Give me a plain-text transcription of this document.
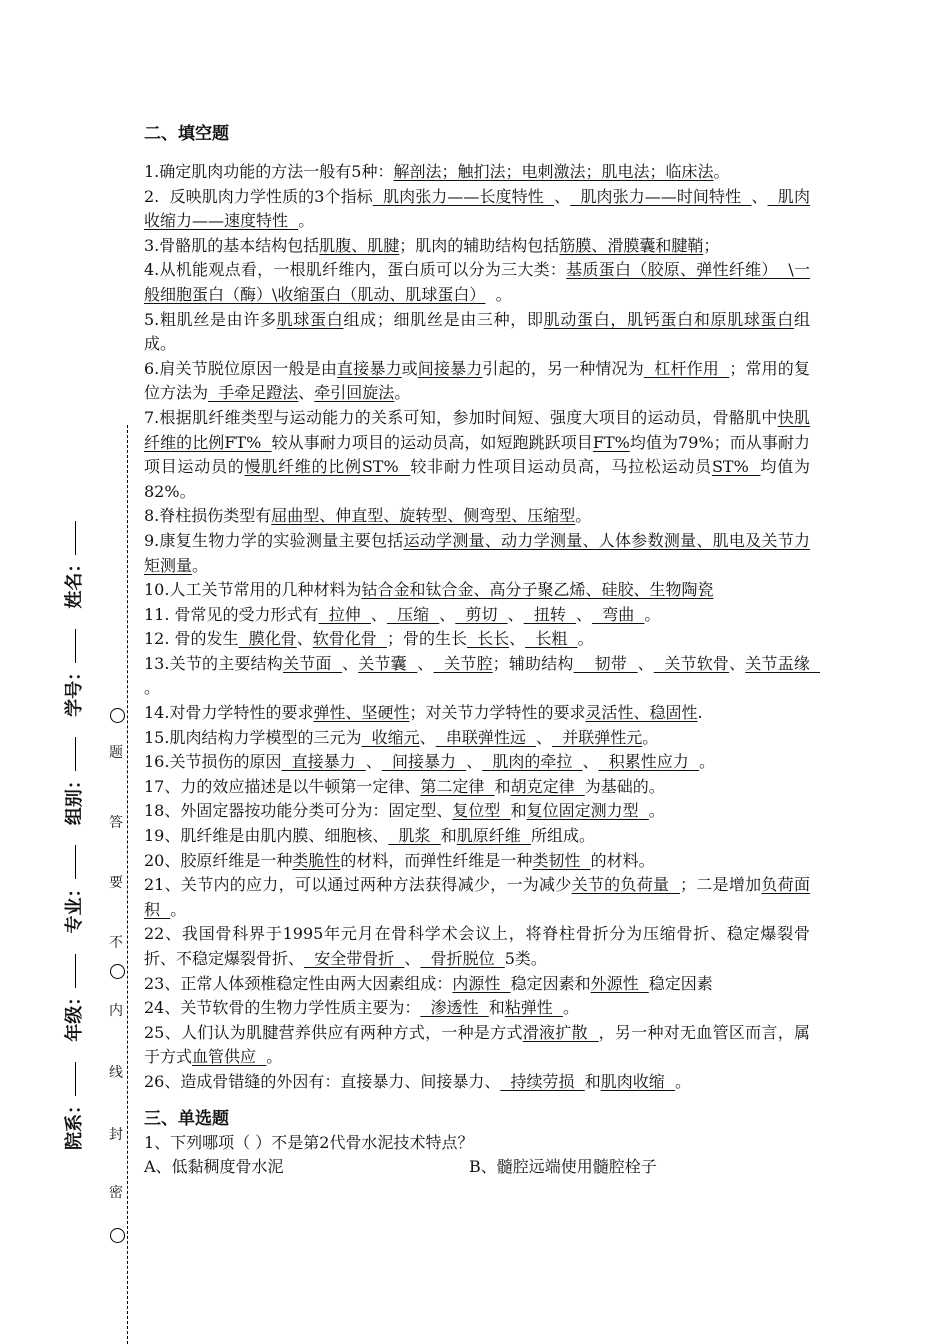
院系： 年级： 专业： 组别： 学号： 姓名：
题
答
要
不
内
线
封
密
二、填空题
1.确定肌肉功能的方法一般有5种：解剖法；触扪法；电刺激法；肌电法；临床法。
2.  反映肌肉力学性质的3个指标  肌肉张力——长度特性  、  肌肉张力——时间特性  、  肌肉收缩力——速度特性  。
3.骨骼肌的基本结构包括肌腹、肌腱；肌肉的辅助结构包括筋膜、滑膜囊和腱鞘；
4.从机能观点看，一根肌纤维内，蛋白质可以分为三大类：基质蛋白（胶原、弹性纤维）  \一般细胞蛋白（酶）\收缩蛋白（肌动、肌球蛋白）  。
5.粗肌丝是由许多肌球蛋白组成；细肌丝是由三种，即肌动蛋白，肌钙蛋白和原肌球蛋白组成。
6.肩关节脱位原因一般是由直接暴力或间接暴力引起的，另一种情况为  杠杆作用  ；常用的复位方法为  手牵足蹬法、牵引回旋法。
7.根据肌纤维类型与运动能力的关系可知，参加时间短、强度大项目的运动员，骨骼肌中快肌纤维的比例FT%  较从事耐力项目的运动员高，如短跑跳跃项目FT%均值为79%；而从事耐力项目运动员的慢肌纤维的比例ST%  较非耐力性项目运动员高，马拉松运动员ST%  均值为82%。
8.脊柱损伤类型有屈曲型、伸直型、旋转型、侧弯型、压缩型。
9.康复生物力学的实验测量主要包括运动学测量、动力学测量、人体参数测量、肌电及关节力矩测量。
10.人工关节常用的几种材料为钴合金和钛合金、高分子聚乙烯、硅胶、生物陶瓷
11. 骨常见的受力形式有  拉伸  、  压缩  、  剪切  、  扭转  、  弯曲  。
12. 骨的发生  膜化骨、软骨化骨  ；骨的生长  长长、  长粗  。
13.关节的主要结构关节面  、关节囊  、  关节腔；辅助结构    韧带  、  关节软骨、关节盂缘  。
14.对骨力学特性的要求弹性、坚硬性；对关节力学特性的要求灵活性、稳固性.
15.肌肉结构力学模型的三元为  收缩元、  串联弹性远  、  并联弹性元。
16.关节损伤的原因  直接暴力  、  间接暴力  、  肌肉的牵拉  、  积累性应力  。
17、力的效应描述是以牛顿第一定律、第二定律  和胡克定律  为基础的。
18、外固定器按功能分类可分为：固定型、复位型  和复位固定测力型  。
19、肌纤维是由肌内膜、细胞核、  肌浆  和肌原纤维  所组成。
20、胶原纤维是一种类脆性的材料，而弹性纤维是一种类韧性  的材料。
21、关节内的应力，可以通过两种方法获得减少，一为减少关节的负荷量  ；二是增加负荷面积  。
22、我国骨科界于1995年元月在骨科学术会议上，将脊柱骨折分为压缩骨折、稳定爆裂骨折、不稳定爆裂骨折、  安全带骨折  、  骨折脱位  5类。
23、正常人体颈椎稳定性由两大因素组成：内源性  稳定因素和外源性  稳定因素
24、关节软骨的生物力学性质主要为：  渗透性  和粘弹性  。
25、人们认为肌腱营养供应有两种方式，一种是方式滑液扩散  ，另一种对无血管区而言，属于方式血管供应  。
26、造成骨错缝的外因有：直接暴力、间接暴力、  持续劳损  和肌肉收缩  。
三、单选题
1、下列哪项（ ）不是第2代骨水泥技术特点？
A、低黏稠度骨水泥	B、髓腔远端使用髓腔栓子
